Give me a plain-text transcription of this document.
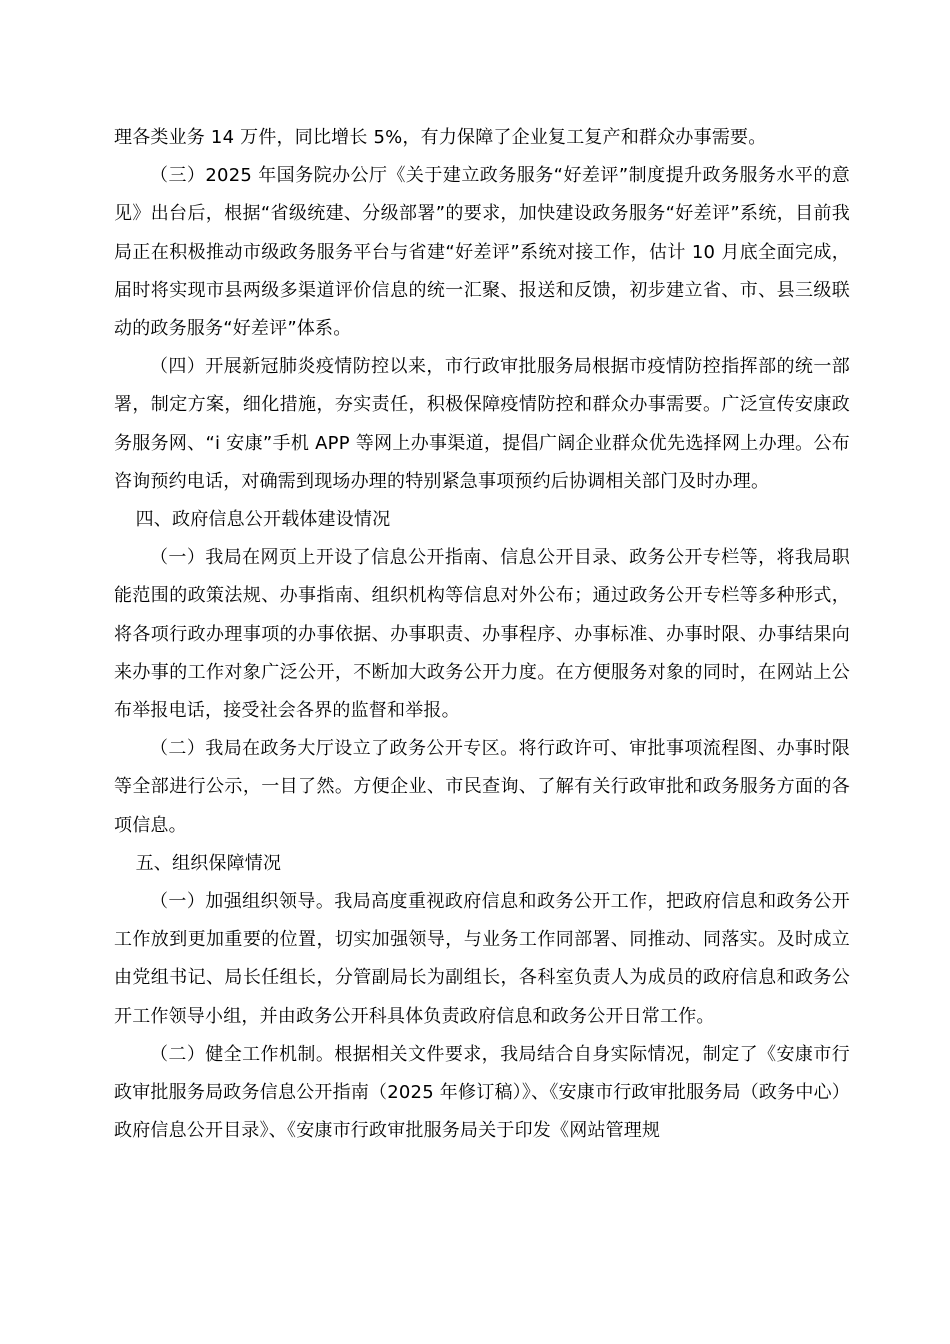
理各类业务 14 万件，同比增长 5%，有力保障了企业复工复产和群众办事需要。

（三）2025 年国务院办公厅《关于建立政务服务“好差评”制度提升政务服务水平的意见》出台后，根据“省级统建、分级部署”的要求，加快建设政务服务“好差评”系统，目前我局正在积极推动市级政务服务平台与省建“好差评”系统对接工作，估计 10 月底全面完成，届时将实现市县两级多渠道评价信息的统一汇聚、报送和反馈，初步建立省、市、县三级联动的政务服务“好差评”体系。

（四）开展新冠肺炎疫情防控以来，市行政审批服务局根据市疫情防控指挥部的统一部署，制定方案，细化措施，夯实责任，积极保障疫情防控和群众办事需要。广泛宣传安康政务服务网、“i 安康”手机 APP 等网上办事渠道，提倡广阔企业群众优先选择网上办理。公布咨询预约电话，对确需到现场办理的特别紧急事项预约后协调相关部门及时办理。

四、政府信息公开载体建设情况

（一）我局在网页上开设了信息公开指南、信息公开目录、政务公开专栏等，将我局职能范围的政策法规、办事指南、组织机构等信息对外公布；通过政务公开专栏等多种形式，将各项行政办理事项的办事依据、办事职责、办事程序、办事标准、办事时限、办事结果向来办事的工作对象广泛公开，不断加大政务公开力度。在方便服务对象的同时，在网站上公布举报电话，接受社会各界的监督和举报。

（二）我局在政务大厅设立了政务公开专区。将行政许可、审批事项流程图、办事时限等全部进行公示，一目了然。方便企业、市民查询、了解有关行政审批和政务服务方面的各项信息。

五、组织保障情况

（一）加强组织领导。我局高度重视政府信息和政务公开工作，把政府信息和政务公开工作放到更加重要的位置，切实加强领导，与业务工作同部署、同推动、同落实。及时成立由党组书记、局长任组长，分管副局长为副组长，各科室负责人为成员的政府信息和政务公开工作领导小组，并由政务公开科具体负责政府信息和政务公开日常工作。

（二）健全工作机制。根据相关文件要求，我局结合自身实际情况，制定了《安康市行政审批服务局政务信息公开指南（2025 年修订稿）》、《安康市行政审批服务局（政务中心）政府信息公开目录》、《安康市行政审批服务局关于印发《网站管理规
